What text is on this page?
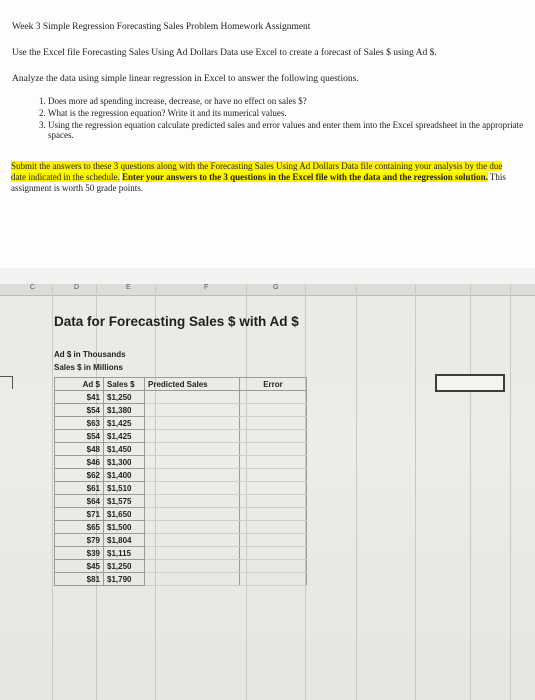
Week 3 Simple Regression Forecasting Sales Problem Homework Assignment
Use the Excel file Forecasting Sales Using Ad Dollars Data use Excel to create a forecast of Sales $ using Ad $.
Analyze the data using simple linear regression in Excel to answer the following questions.
1. Does more ad spending increase, decrease, or have no effect on sales $?
2. What is the regression equation? Write it and its numerical values.
3. Using the regression equation calculate predicted sales and error values and enter them into the Excel spreadsheet in the appropriate spaces.
Submit the answers to these 3 questions along with the Forecasting Sales Using Ad Dollars Data file containing your analysis by the due date indicated in the schedule. Enter your answers to the 3 questions in the Excel file with the data and the regression solution. This assignment is worth 50 grade points.
C	D	E	F	G
Data for Forecasting Sales $ with Ad $
Ad $ in Thousands
Sales $ in Millions
Ad $	Sales $	Predicted Sales	Error
$41	$1,250		
$54	$1,380		
$63	$1,425		
$54	$1,425		
$48	$1,450		
$46	$1,300		
$62	$1,400		
$61	$1,510		
$64	$1,575		
$71	$1,650		
$65	$1,500		
$79	$1,804		
$39	$1,115		
$45	$1,250		
$81	$1,790		
